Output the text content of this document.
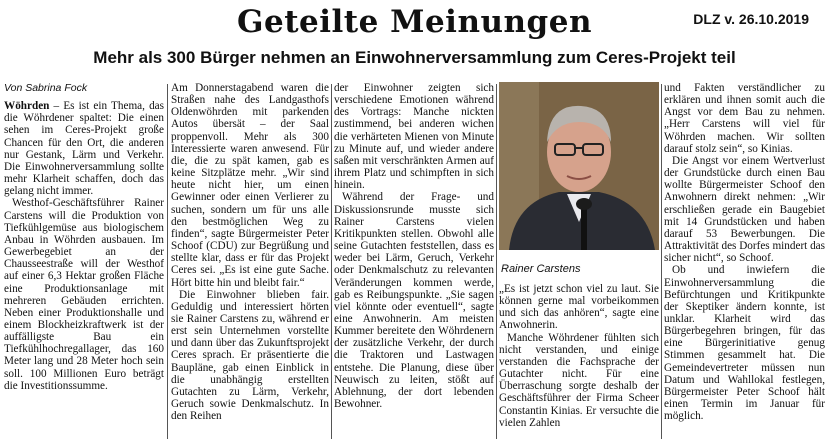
Geteilte Meinungen	DLZ v. 26.10.2019
Mehr als 300 Bürger nehmen an Einwohnerversammlung zum Ceres-Projekt teil

Von Sabrina Fock

Wöhrden – Es ist ein Thema, das die Wöhrdener spaltet: Die einen sehen im Ceres-Projekt große Chancen für den Ort, die anderen nur Gestank, Lärm und Verkehr. Die Einwohnerversammlung sollte mehr Klarheit schaffen, doch das gelang nicht immer.

Westhof-Geschäftsführer Rainer Carstens will die Produktion von Tiefkühlgemüse aus biologischem Anbau in Wöhrden ausbauen. Im Gewerbegebiet an der Chausseestraße will der Westhof auf einer 6,3 Hektar großen Fläche eine Produktionsanlage mit mehreren Gebäuden errichten. Neben einer Produktionshalle und einem Blockheizkraftwerk ist der auffälligste Bau ein Tiefkühlhochregallager, das 160 Meter lang und 28 Meter hoch sein soll. 100 Millionen Euro beträgt die Investitionssumme.

Am Donnerstagabend waren die Straßen nahe des Landgasthofs Oldenwöhrden mit parkenden Autos übersät – der Saal proppenvoll. Mehr als 300 Interessierte waren anwesend. Für die, die zu spät kamen, gab es keine Sitzplätze mehr. „Wir sind heute nicht hier, um einen Gewinner oder einen Verlierer zu suchen, sondern um für uns alle den bestmöglichen Weg zu finden“, sagte Bürgermeister Peter Schoof (CDU) zur Begrüßung und stellte klar, dass er für das Projekt Ceres sei. „Es ist eine gute Sache. Hört bitte hin und bleibt fair.“

Die Einwohner blieben fair. Geduldig und interessiert hörten sie Rainer Carstens zu, während er erst sein Unternehmen vorstellte und dann über das Zukunftsprojekt Ceres sprach. Er präsentierte die Baupläne, gab einen Einblick in die unabhängig erstellten Gutachten zu Lärm, Verkehr, Geruch sowie Denkmalschutz. In den Reihen

der Einwohner zeigten sich verschiedene Emotionen während des Vortrags: Manche nickten zustimmend, bei anderen wichen die verhärteten Mienen von Minute zu Minute auf, und wieder andere saßen mit verschränkten Armen auf ihrem Platz und schimpften in sich hinein.

Während der Frage- und Diskussionsrunde musste sich Rainer Carstens vielen Kritikpunkten stellen. Obwohl alle seine Gutachten feststellen, dass es weder bei Lärm, Geruch, Verkehr oder Denkmalschutz zu relevanten Veränderungen kommen werde, gab es Reibungspunkte. „Sie sagen viel könnte oder eventuell“, sagte eine Anwohnerin. Am meisten Kummer bereitete den Wöhrdenern der zusätzliche Verkehr, der durch die Traktoren und Lastwagen entstehe. Die Planung, diese über Neuwisch zu leiten, stößt auf Ablehnung, der dort lebenden Bewohner.

Rainer Carstens

„Es ist jetzt schon viel zu laut. Sie können gerne mal vorbeikommen und sich das anhören“, sagte eine Anwohnerin.

Manche Wöhrdener fühlten sich nicht verstanden, und einige verstanden die Fachsprache der Gutachter nicht. Für eine Überraschung sorgte deshalb der Geschäftsführer der Firma Scheer Constantin Kinias. Er versuchte die vielen Zahlen

und Fakten verständlicher zu erklären und ihnen somit auch die Angst vor dem Bau zu nehmen. „Herr Carstens will viel für Wöhrden machen. Wir sollten darauf stolz sein“, so Kinias.

Die Angst vor einem Wertverlust der Grundstücke durch einen Bau wollte Bürgermeister Schoof den Anwohnern direkt nehmen: „Wir erschließen gerade ein Baugebiet mit 14 Grundstücken und haben darauf 53 Bewerbungen. Die Attraktivität des Dorfes mindert das sicher nicht“, so Schoof.

Ob und inwiefern die Einwohnerversammlung die Befürchtungen und Kritikpunkte der Skeptiker ändern konnte, ist unklar. Klarheit wird das Bürgerbegehren bringen, für das eine Bürgerinitiative genug Stimmen gesammelt hat. Die Gemeindevertreter müssen nun Datum und Wahllokal festlegen, Bürgermeister Peter Schoof hält einen Termin im Januar für möglich.
